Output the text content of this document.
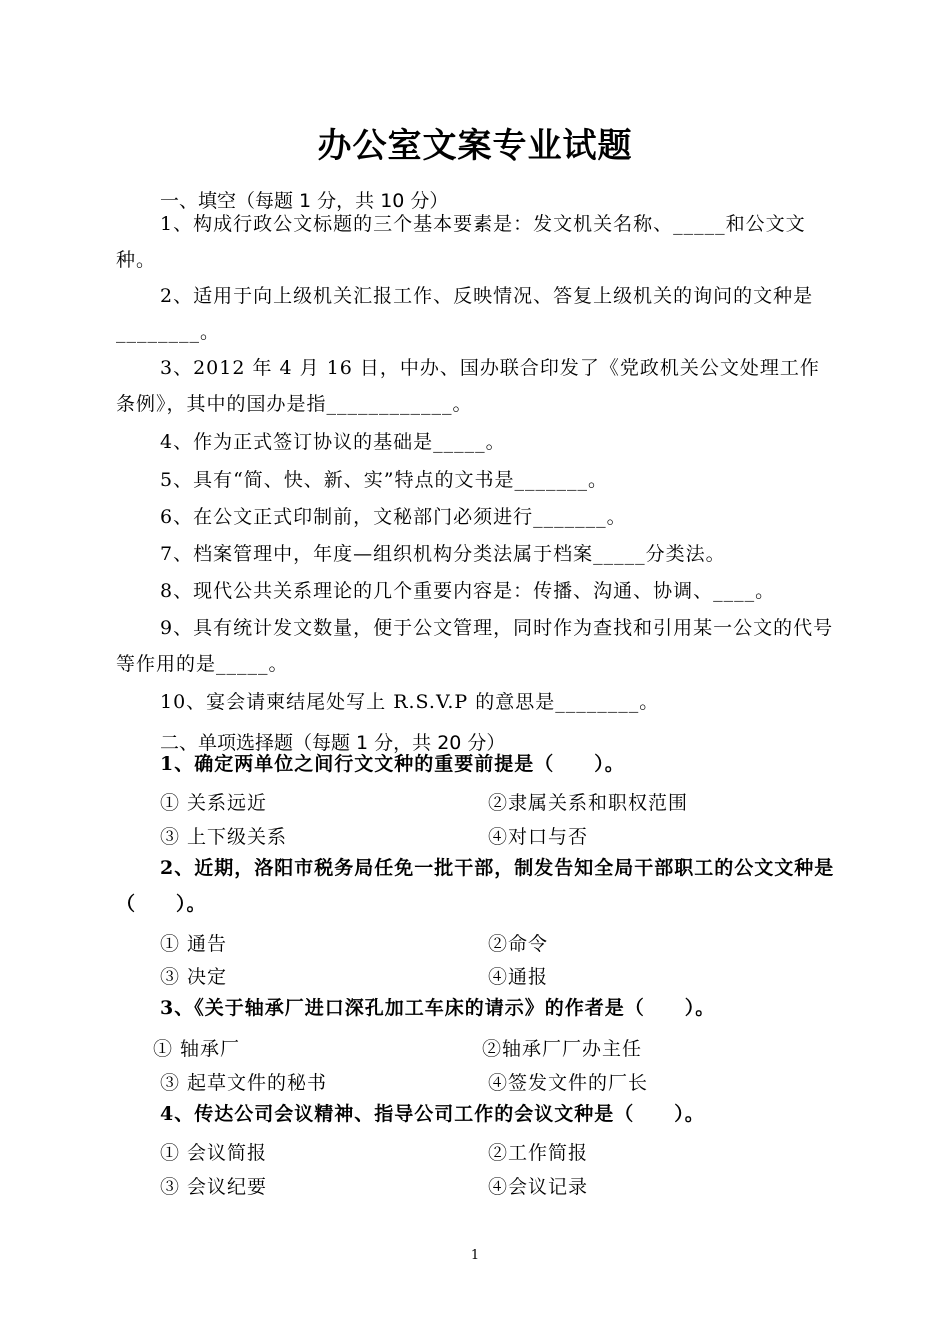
办公室文案专业试题
一、填空（每题 1 分，共 10 分）
1、构成行政公文标题的三个基本要素是：发文机关名称、_____和公文文种。
2、适用于向上级机关汇报工作、反映情况、答复上级机关的询问的文种是________。
3、2012 年 4 月 16 日，中办、国办联合印发了《党政机关公文处理工作条例》，其中的国办是指____________。
4、作为正式签订协议的基础是_____。
5、具有“简、快、新、实”特点的文书是_______。
6、在公文正式印制前，文秘部门必须进行_______。
7、档案管理中，年度—组织机构分类法属于档案_____分类法。
8、现代公共关系理论的几个重要内容是：传播、沟通、协调、____。
9、具有统计发文数量，便于公文管理，同时作为查找和引用某一公文的代号等作用的是_____。
10、宴会请柬结尾处写上 R.S.V.P 的意思是________。
二、单项选择题（每题 1 分，共 20 分）
1、确定两单位之间行文文种的重要前提是（　　）。
① 关系远近	②隶属关系和职权范围
③ 上下级关系	④对口与否
2、近期，洛阳市税务局任免一批干部，制发告知全局干部职工的公文文种是（　　）。
① 通告	②命令
③ 决定	④通报
3、《关于轴承厂进口深孔加工车床的请示》的作者是（　　）。
① 轴承厂	②轴承厂厂办主任
③ 起草文件的秘书	④签发文件的厂长
4、传达公司会议精神、指导公司工作的会议文种是（　　）。
① 会议简报	②工作简报
③ 会议纪要	④会议记录
1
